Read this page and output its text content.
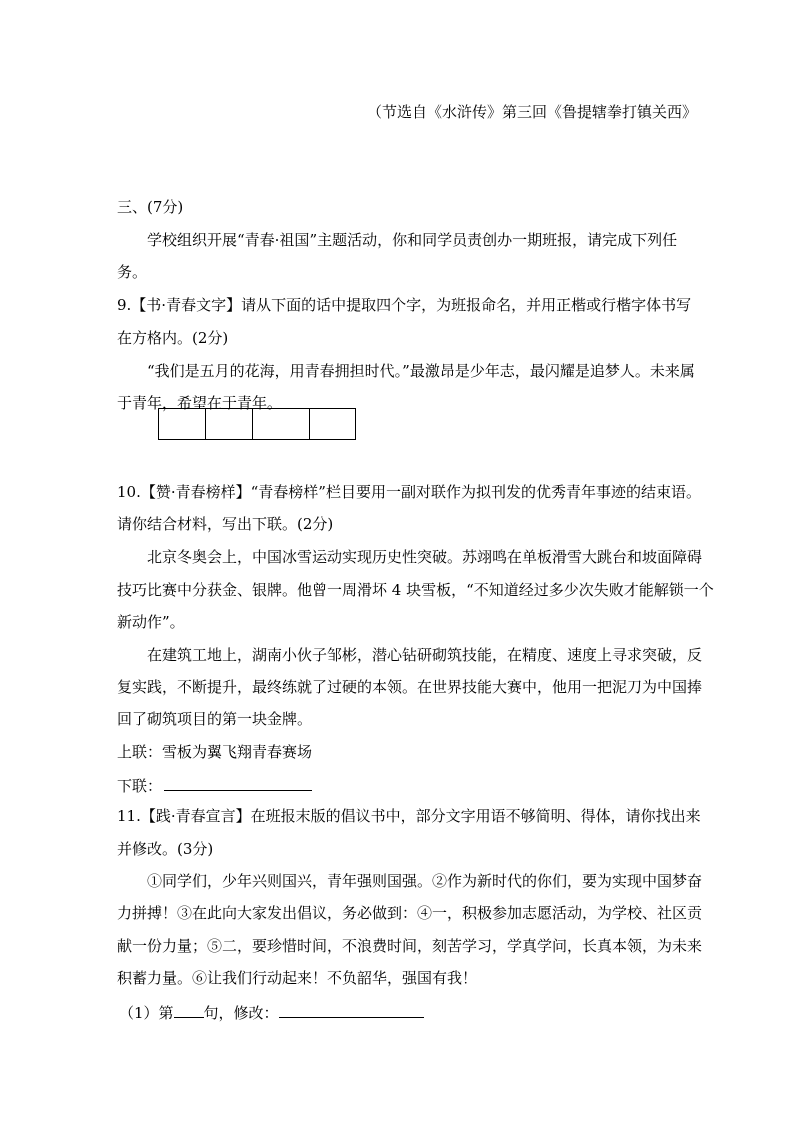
（节选自《水浒传》第三回《鲁提辖拳打镇关西》
三、(7分)
学校组织开展“青春·祖国”主题活动，你和同学员责创办一期班报，请完成下列任
务。
9.【书·青春文字】请从下面的话中提取四个字，为班报命名，并用正楷或行楷字体书写
在方格内。(2分)
“我们是五月的花海，用青春拥担时代。”最激昂是少年志，最闪耀是追梦人。未来属
于青年，希望在于青年。
10.【赞·青春榜样】“青春榜样”栏目要用一副对联作为拟刊发的优秀青年事迹的结束语。
请你结合材料，写出下联。(2分)
北京冬奥会上，中国冰雪运动实现历史性突破。苏翊鸣在单板滑雪大跳台和坡面障碍
技巧比赛中分获金、银牌。他曾一周滑坏 4 块雪板，“不知道经过多少次失败才能解锁一个
新动作”。
在建筑工地上，湖南小伙子邹彬，潜心钻研砌筑技能，在精度、速度上寻求突破，反
复实践，不断提升，最终练就了过硬的本领。在世界技能大赛中，他用一把泥刀为中国捧
回了砌筑项目的第一块金牌。
上联：雪板为翼飞翔青春赛场
下联：
11.【践·青春宣言】在班报末版的倡议书中，部分文字用语不够简明、得体，请你找出来
并修改。(3分)
①同学们，少年兴则国兴，青年强则国强。②作为新时代的你们，要为实现中国梦奋
力拼搏！③在此向大家发出倡议，务必做到：④一，积极参加志愿活动，为学校、社区贡
献一份力量；⑤二，要珍惜时间，不浪费时间，刻苦学习，学真学问，长真本领，为未来
积蓄力量。⑥让我们行动起来！不负韶华，强国有我！
（1）第 句，修改：
